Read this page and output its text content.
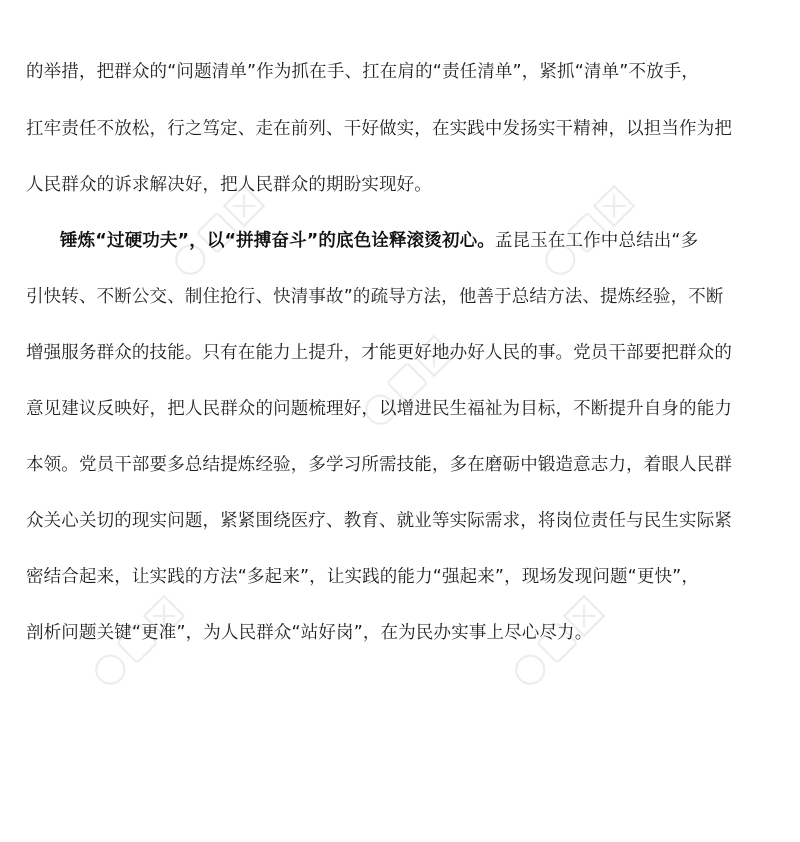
的举措，把群众的“问题清单”作为抓在手、扛在肩的“责任清单”，紧抓“清单”不放手，
扛牢责任不放松，行之笃定、走在前列、干好做实，在实践中发扬实干精神，以担当作为把
人民群众的诉求解决好，把人民群众的期盼实现好。
锤炼“过硬功夫”，以“拼搏奋斗”的底色诠释滚烫初心。孟昆玉在工作中总结出“多
引快转、不断公交、制住抢行、快清事故”的疏导方法，他善于总结方法、提炼经验，不断
增强服务群众的技能。只有在能力上提升，才能更好地办好人民的事。党员干部要把群众的
意见建议反映好，把人民群众的问题梳理好，以增进民生福祉为目标，不断提升自身的能力
本领。党员干部要多总结提炼经验，多学习所需技能，多在磨砺中锻造意志力，着眼人民群
众关心关切的现实问题，紧紧围绕医疗、教育、就业等实际需求，将岗位责任与民生实际紧
密结合起来，让实践的方法“多起来”，让实践的能力“强起来”，现场发现问题“更快”，
剖析问题关键“更准”，为人民群众“站好岗”，在为民办实事上尽心尽力。
